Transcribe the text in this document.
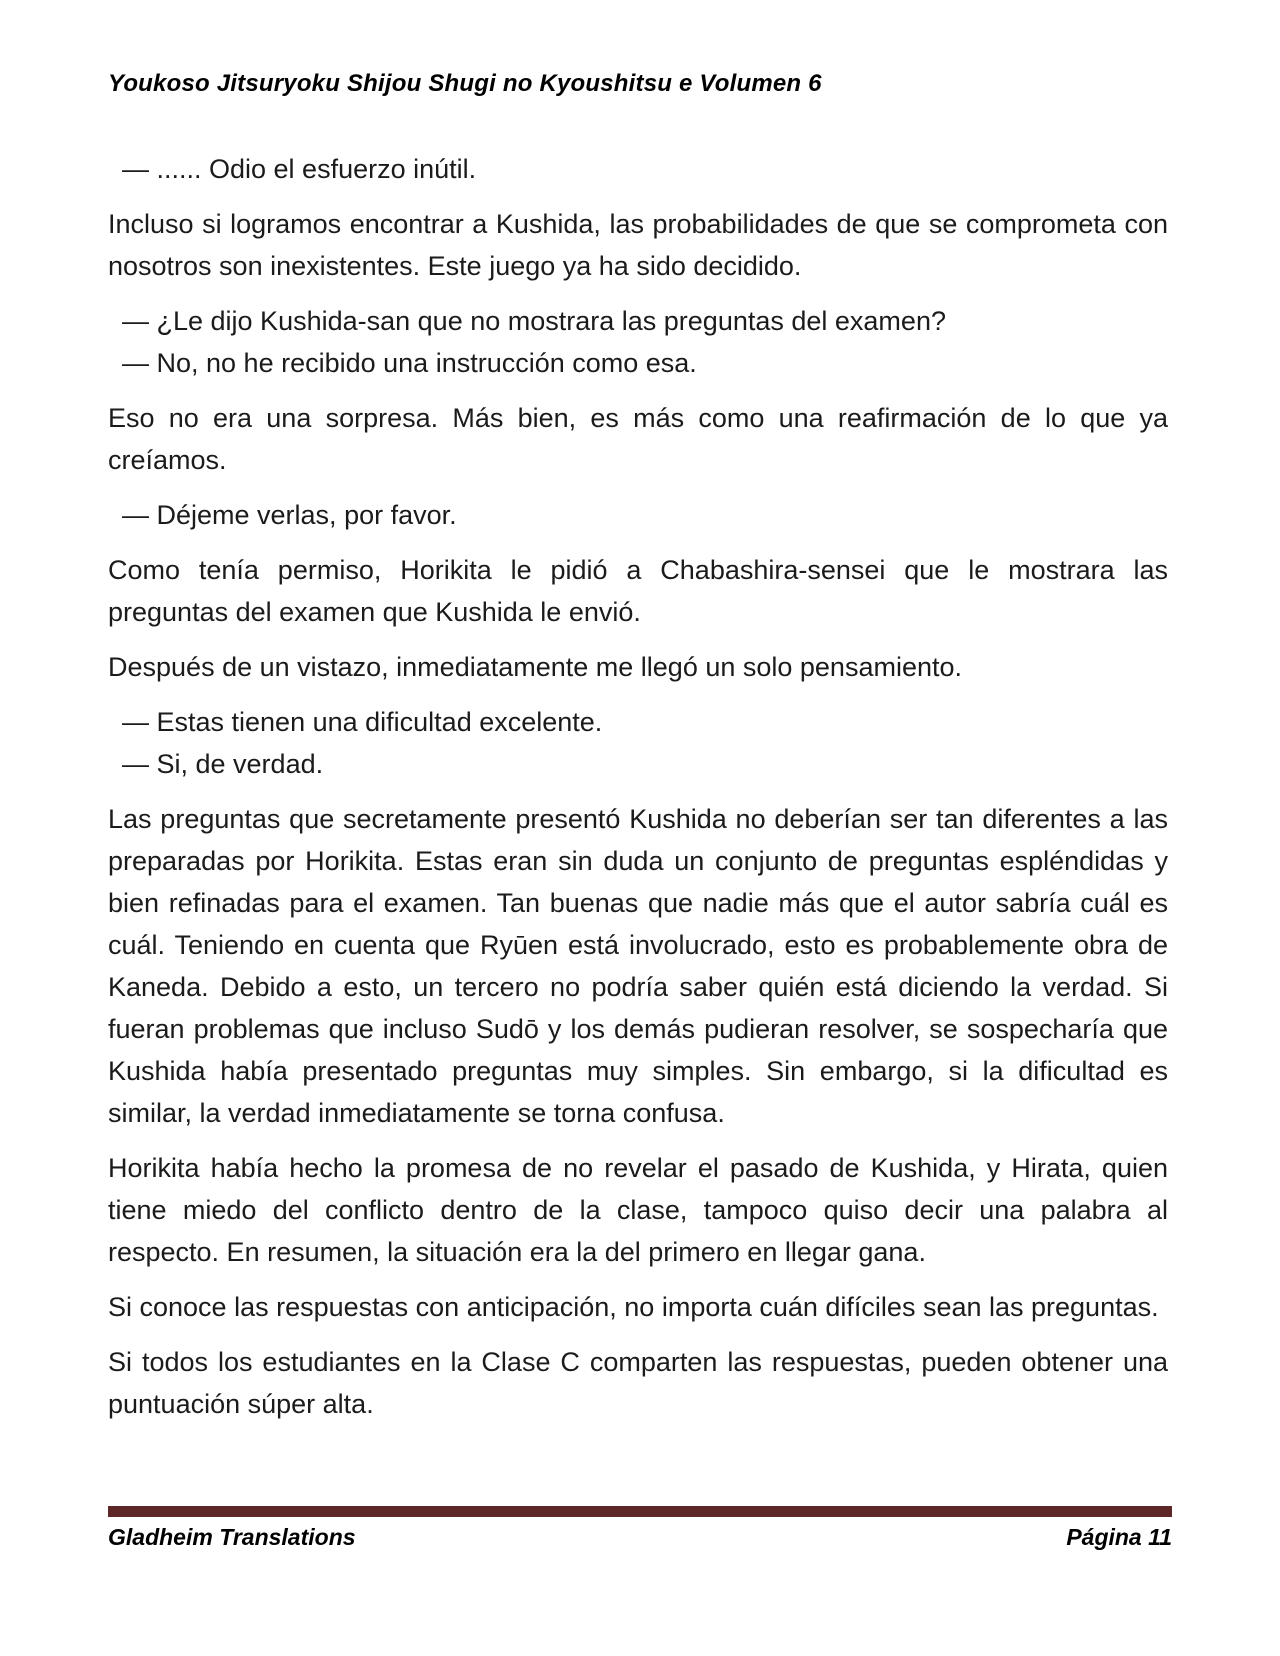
Youkoso Jitsuryoku Shijou Shugi no Kyoushitsu e Volumen 6

— ...... Odio el esfuerzo inútil.

Incluso si logramos encontrar a Kushida, las probabilidades de que se comprometa con nosotros son inexistentes. Este juego ya ha sido decidido.

— ¿Le dijo Kushida-san que no mostrara las preguntas del examen?
— No, no he recibido una instrucción como esa.

Eso no era una sorpresa. Más bien, es más como una reafirmación de lo que ya creíamos.

— Déjeme verlas, por favor.

Como tenía permiso, Horikita le pidió a Chabashira-sensei que le mostrara las preguntas del examen que Kushida le envió.

Después de un vistazo, inmediatamente me llegó un solo pensamiento.

— Estas tienen una dificultad excelente.
— Si, de verdad.

Las preguntas que secretamente presentó Kushida no deberían ser tan diferentes a las preparadas por Horikita. Estas eran sin duda un conjunto de preguntas espléndidas y bien refinadas para el examen. Tan buenas que nadie más que el autor sabría cuál es cuál. Teniendo en cuenta que Ryūen está involucrado, esto es probablemente obra de Kaneda. Debido a esto, un tercero no podría saber quién está diciendo la verdad. Si fueran problemas que incluso Sudō y los demás pudieran resolver, se sospecharía que Kushida había presentado preguntas muy simples. Sin embargo, si la dificultad es similar, la verdad inmediatamente se torna confusa.

Horikita había hecho la promesa de no revelar el pasado de Kushida, y Hirata, quien tiene miedo del conflicto dentro de la clase, tampoco quiso decir una palabra al respecto. En resumen, la situación era la del primero en llegar gana.

Si conoce las respuestas con anticipación, no importa cuán difíciles sean las preguntas.

Si todos los estudiantes en la Clase C comparten las respuestas, pueden obtener una puntuación súper alta.

Gladheim Translations	Página 11
